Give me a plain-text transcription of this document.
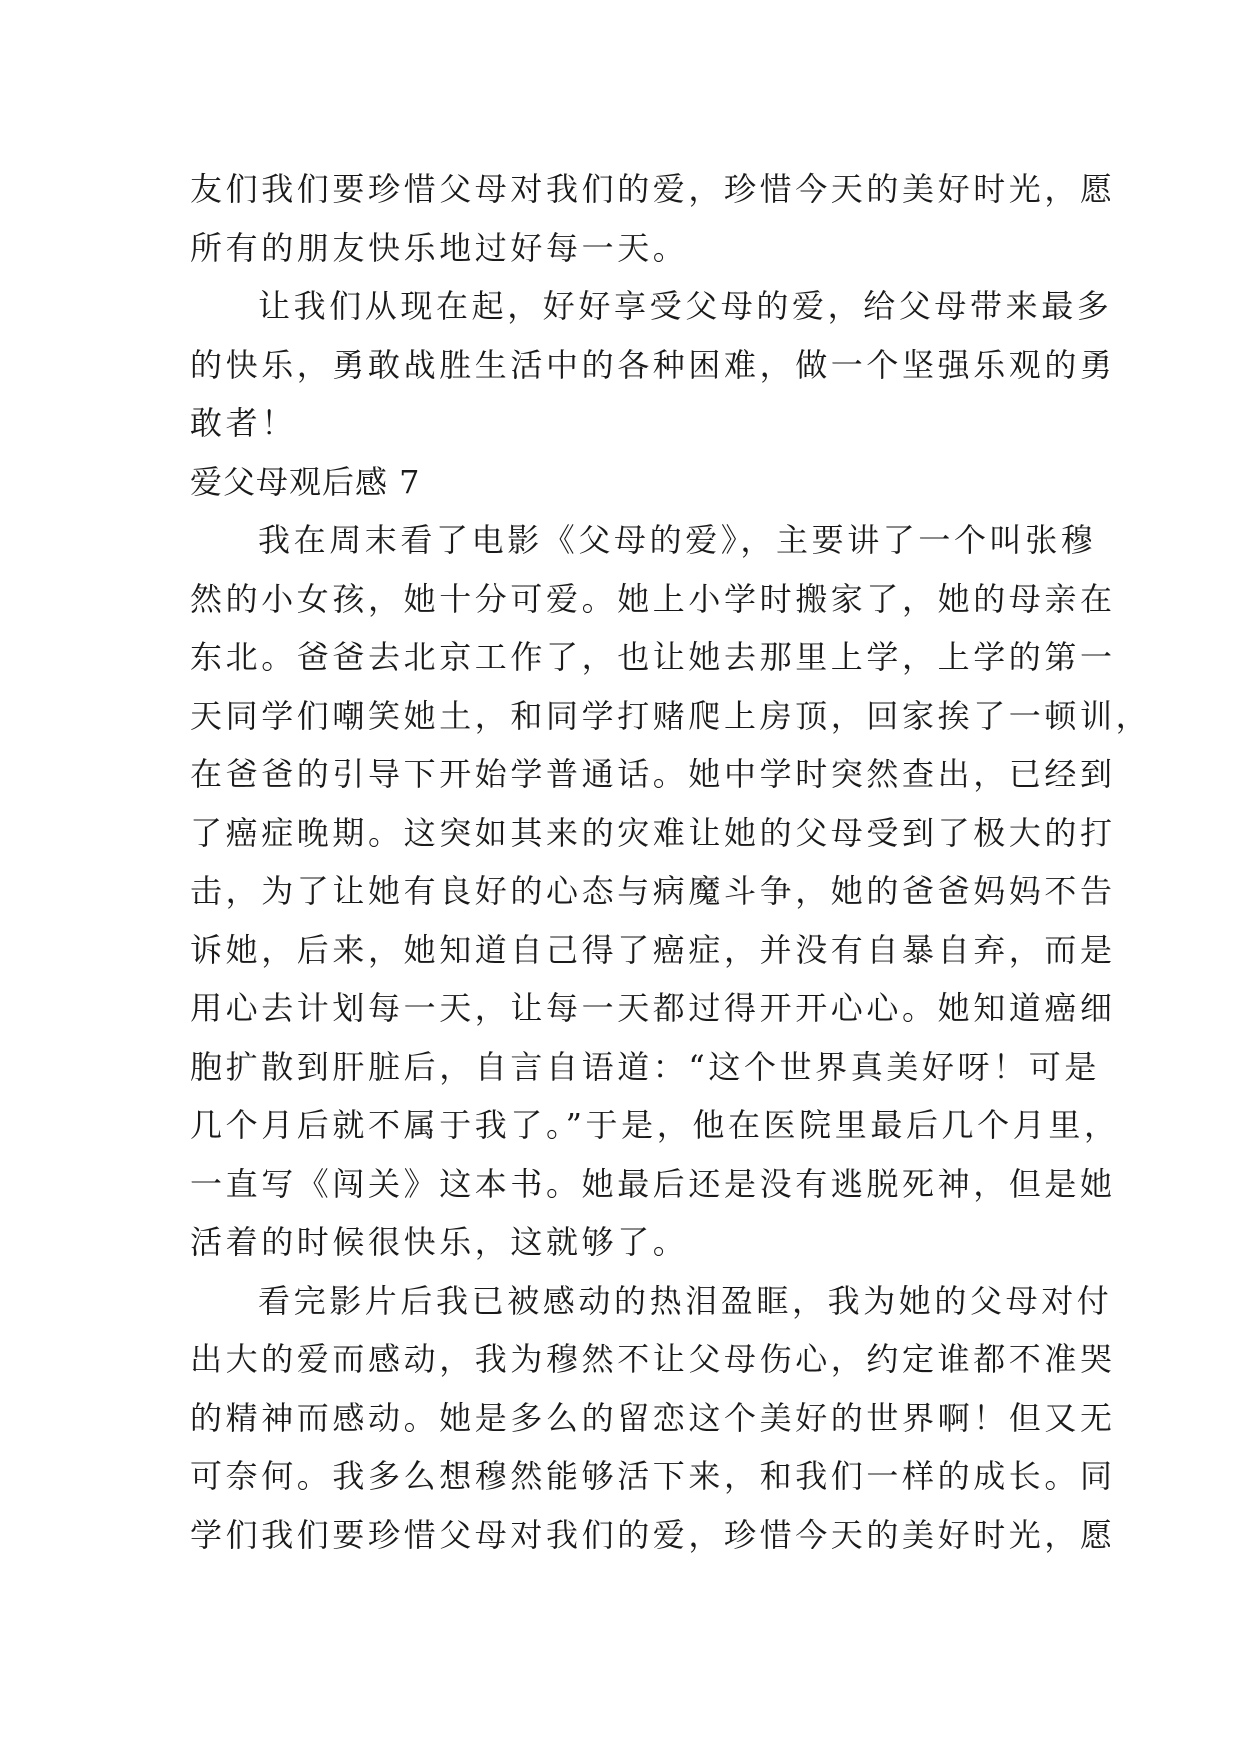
友们我们要珍惜父母对我们的爱，珍惜今天的美好时光，愿
所有的朋友快乐地过好每一天。
让我们从现在起，好好享受父母的爱，给父母带来最多
的快乐，勇敢战胜生活中的各种困难，做一个坚强乐观的勇
敢者！
爱父母观后感 7
我在周末看了电影《父母的爱》，主要讲了一个叫张穆
然的小女孩，她十分可爱。她上小学时搬家了，她的母亲在
东北。爸爸去北京工作了，也让她去那里上学，上学的第一
天同学们嘲笑她土，和同学打赌爬上房顶，回家挨了一顿训，
在爸爸的引导下开始学普通话。她中学时突然查出，已经到
了癌症晚期。这突如其来的灾难让她的父母受到了极大的打
击，为了让她有良好的心态与病魔斗争，她的爸爸妈妈不告
诉她，后来，她知道自己得了癌症，并没有自暴自弃，而是
用心去计划每一天，让每一天都过得开开心心。她知道癌细
胞扩散到肝脏后，自言自语道：“这个世界真美好呀！可是
几个月后就不属于我了。”于是，他在医院里最后几个月里，
一直写《闯关》这本书。她最后还是没有逃脱死神，但是她
活着的时候很快乐，这就够了。
看完影片后我已被感动的热泪盈眶，我为她的父母对付
出大的爱而感动，我为穆然不让父母伤心，约定谁都不准哭
的精神而感动。她是多么的留恋这个美好的世界啊！但又无
可奈何。我多么想穆然能够活下来，和我们一样的成长。同
学们我们要珍惜父母对我们的爱，珍惜今天的美好时光，愿
